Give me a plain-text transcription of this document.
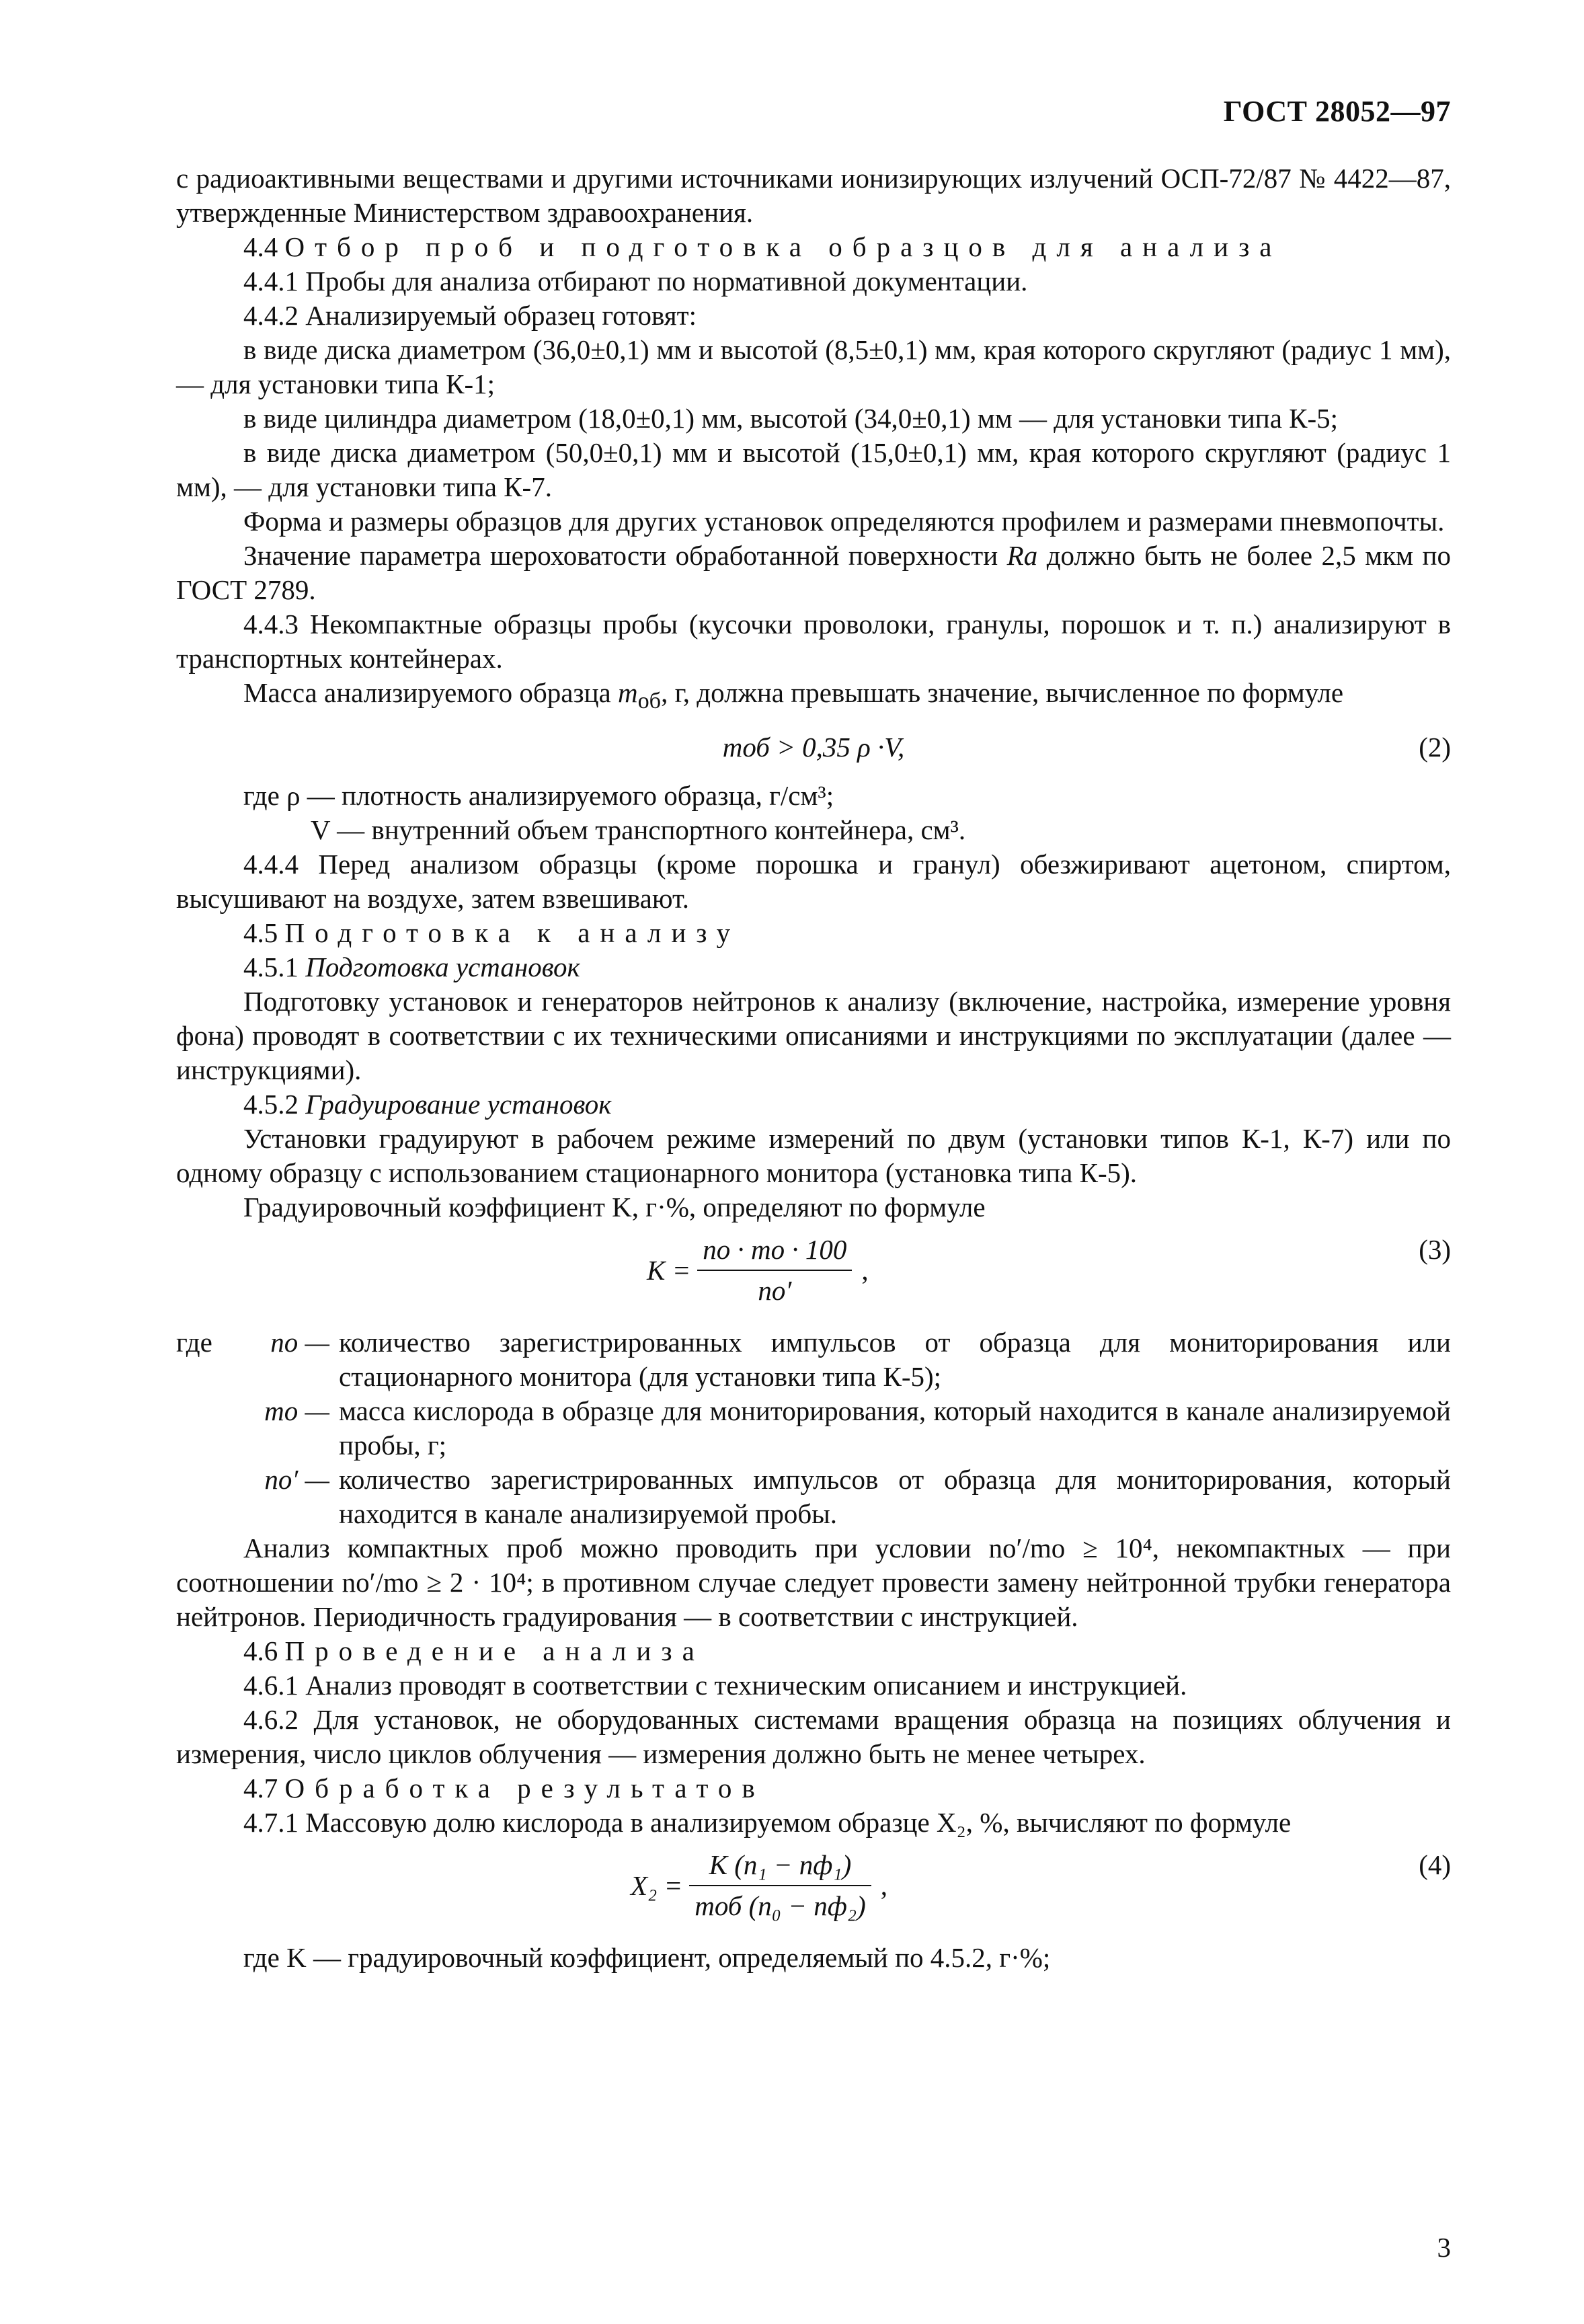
ГОСТ 28052—97

с радиоактивными веществами и другими источниками ионизирующих излучений ОСП-72/87 № 4422—87, утвержденные Министерством здравоохранения.

4.4 Отбор проб и подготовка образцов для анализа

4.4.1 Пробы для анализа отбирают по нормативной документации.

4.4.2 Анализируемый образец готовят:

в виде диска диаметром (36,0±0,1) мм и высотой (8,5±0,1) мм, края которого скругляют (радиус 1 мм), — для установки типа К-1;

в виде цилиндра диаметром (18,0±0,1) мм, высотой (34,0±0,1) мм — для установки типа К-5;

в виде диска диаметром (50,0±0,1) мм и высотой (15,0±0,1) мм, края которого скругляют (радиус 1 мм), — для установки типа К-7.

Форма и размеры образцов для других установок определяются профилем и размерами пневмопочты.

Значение параметра шероховатости обработанной поверхности Ra должно быть не более 2,5 мкм по ГОСТ 2789.

4.4.3 Некомпактные образцы пробы (кусочки проволоки, гранулы, порошок и т. п.) анализируют в транспортных контейнерах.

Масса анализируемого образца $m_{об}$, г, должна превышать значение, вычисленное по формуле

mоб > 0,35 ρ ·V,	(2)

где ρ — плотность анализируемого образца, г/см³;

V — внутренний объем транспортного контейнера, см³.

4.4.4 Перед анализом образцы (кроме порошка и гранул) обезжиривают ацетоном, спиртом, высушивают на воздухе, затем взвешивают.

4.5 Подготовка к анализу

4.5.1 Подготовка установок

Подготовку установок и генераторов нейтронов к анализу (включение, настройка, измерение уровня фона) проводят в соответствии с их техническими описаниями и инструкциями по эксплуатации (далее — инструкциями).

4.5.2 Градуирование установок

Установки градуируют в рабочем режиме измерений по двум (установки типов К-1, К-7) или по одному образцу с использованием стационарного монитора (установка типа К-5).

Градуировочный коэффициент K, г·%, определяют по формуле

K =
nо · mо · 100
nо′
,
(3)
где nо — количество зарегистрированных импульсов от образца для мониторирования или стационарного монитора (для установки типа К-5);
mо — масса кислорода в образце для мониторирования, который находится в канале анализируемой пробы, г;
nо′ — количество зарегистрированных импульсов от образца для мониторирования, который находится в канале анализируемой пробы.

Анализ компактных проб можно проводить при условии nо′/mо ≥ 10⁴, некомпактных — при соотношении nо′/mо ≥ 2 · 10⁴; в противном случае следует провести замену нейтронной трубки генератора нейтронов. Периодичность градуирования — в соответствии с инструкцией.

4.6 Проведение анализа

4.6.1 Анализ проводят в соответствии с техническим описанием и инструкцией.

4.6.2 Для установок, не оборудованных системами вращения образца на позициях облучения и измерения, число циклов облучения — измерения должно быть не менее четырех.

4.7 Обработка результатов

4.7.1 Массовую долю кислорода в анализируемом образце X₂, %, вычисляют по формуле

X₂ =
K (n₁ − nф₁)
mоб (n₀ − nф₂)
,
(4)

где K — градуировочный коэффициент, определяемый по 4.5.2, г·%;

3
